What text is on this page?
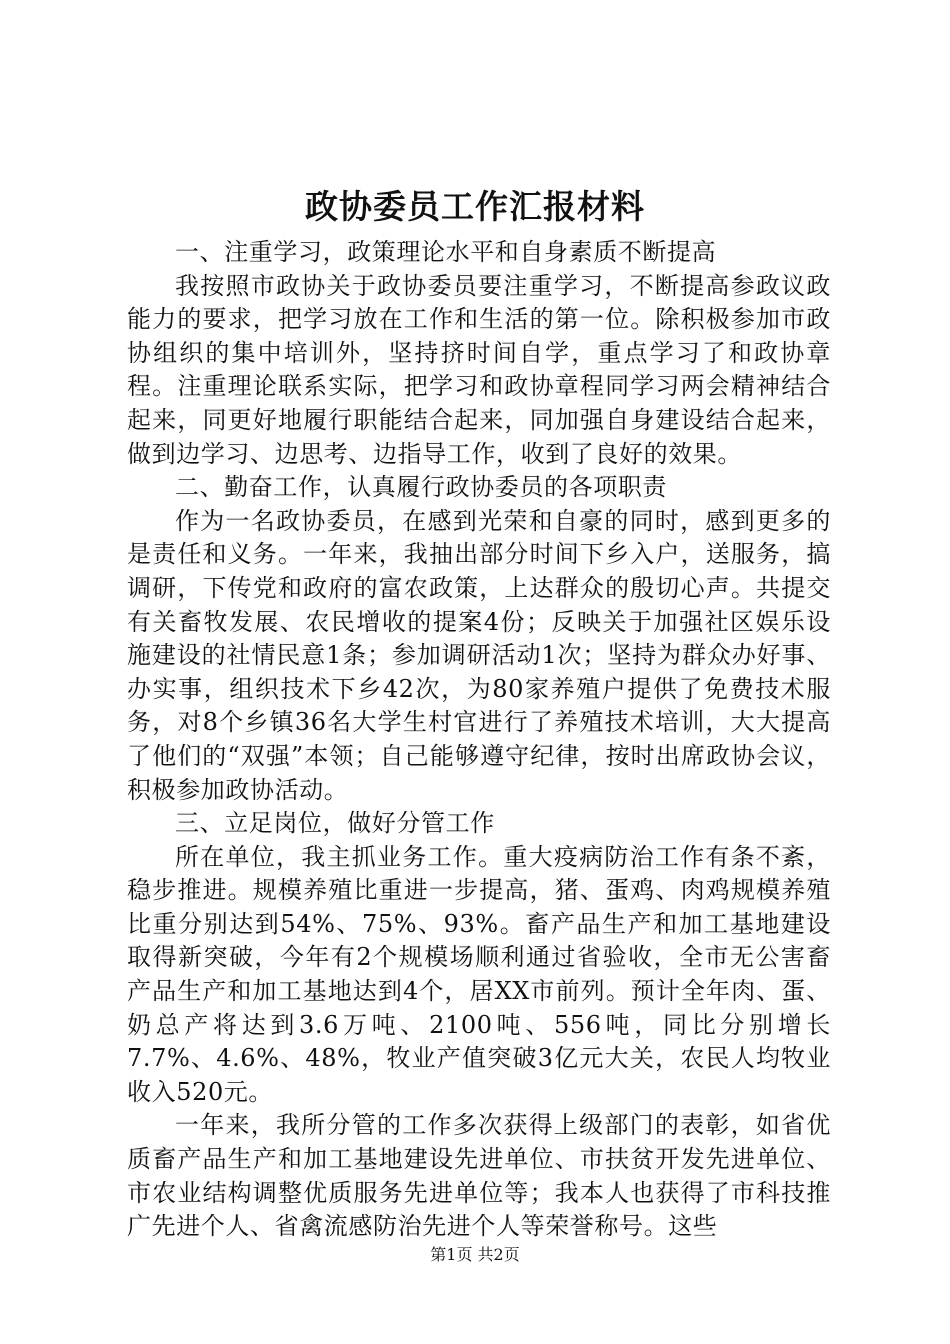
政协委员工作汇报材料

一、注重学习，政策理论水平和自身素质不断提高

我按照市政协关于政协委员要注重学习，不断提高参政议政能力的要求，把学习放在工作和生活的第一位。除积极参加市政协组织的集中培训外，坚持挤时间自学，重点学习了和政协章程。注重理论联系实际，把学习和政协章程同学习两会精神结合起来，同更好地履行职能结合起来，同加强自身建设结合起来，做到边学习、边思考、边指导工作，收到了良好的效果。

二、勤奋工作，认真履行政协委员的各项职责

作为一名政协委员，在感到光荣和自豪的同时，感到更多的是责任和义务。一年来，我抽出部分时间下乡入户，送服务，搞调研，下传党和政府的富农政策，上达群众的殷切心声。共提交有关畜牧发展、农民增收的提案4份；反映关于加强社区娱乐设施建设的社情民意1条；参加调研活动1次；坚持为群众办好事、办实事，组织技术下乡42次，为80家养殖户提供了免费技术服务，对8个乡镇36名大学生村官进行了养殖技术培训，大大提高了他们的“双强”本领；自己能够遵守纪律，按时出席政协会议，积极参加政协活动。

三、立足岗位，做好分管工作

所在单位，我主抓业务工作。重大疫病防治工作有条不紊，稳步推进。规模养殖比重进一步提高，猪、蛋鸡、肉鸡规模养殖比重分别达到54%、75%、93%。畜产品生产和加工基地建设取得新突破，今年有2个规模场顺利通过省验收，全市无公害畜产品生产和加工基地达到4个，居XX市前列。预计全年肉、蛋、奶总产将达到3.6万吨、2100吨、556吨，同比分别增长7.7%、4.6%、48%，牧业产值突破3亿元大关，农民人均牧业收入520元。

一年来，我所分管的工作多次获得上级部门的表彰，如省优质畜产品生产和加工基地建设先进单位、市扶贫开发先进单位、市农业结构调整优质服务先进单位等；我本人也获得了市科技推广先进个人、省禽流感防治先进个人等荣誉称号。这些

第1页 共2页
